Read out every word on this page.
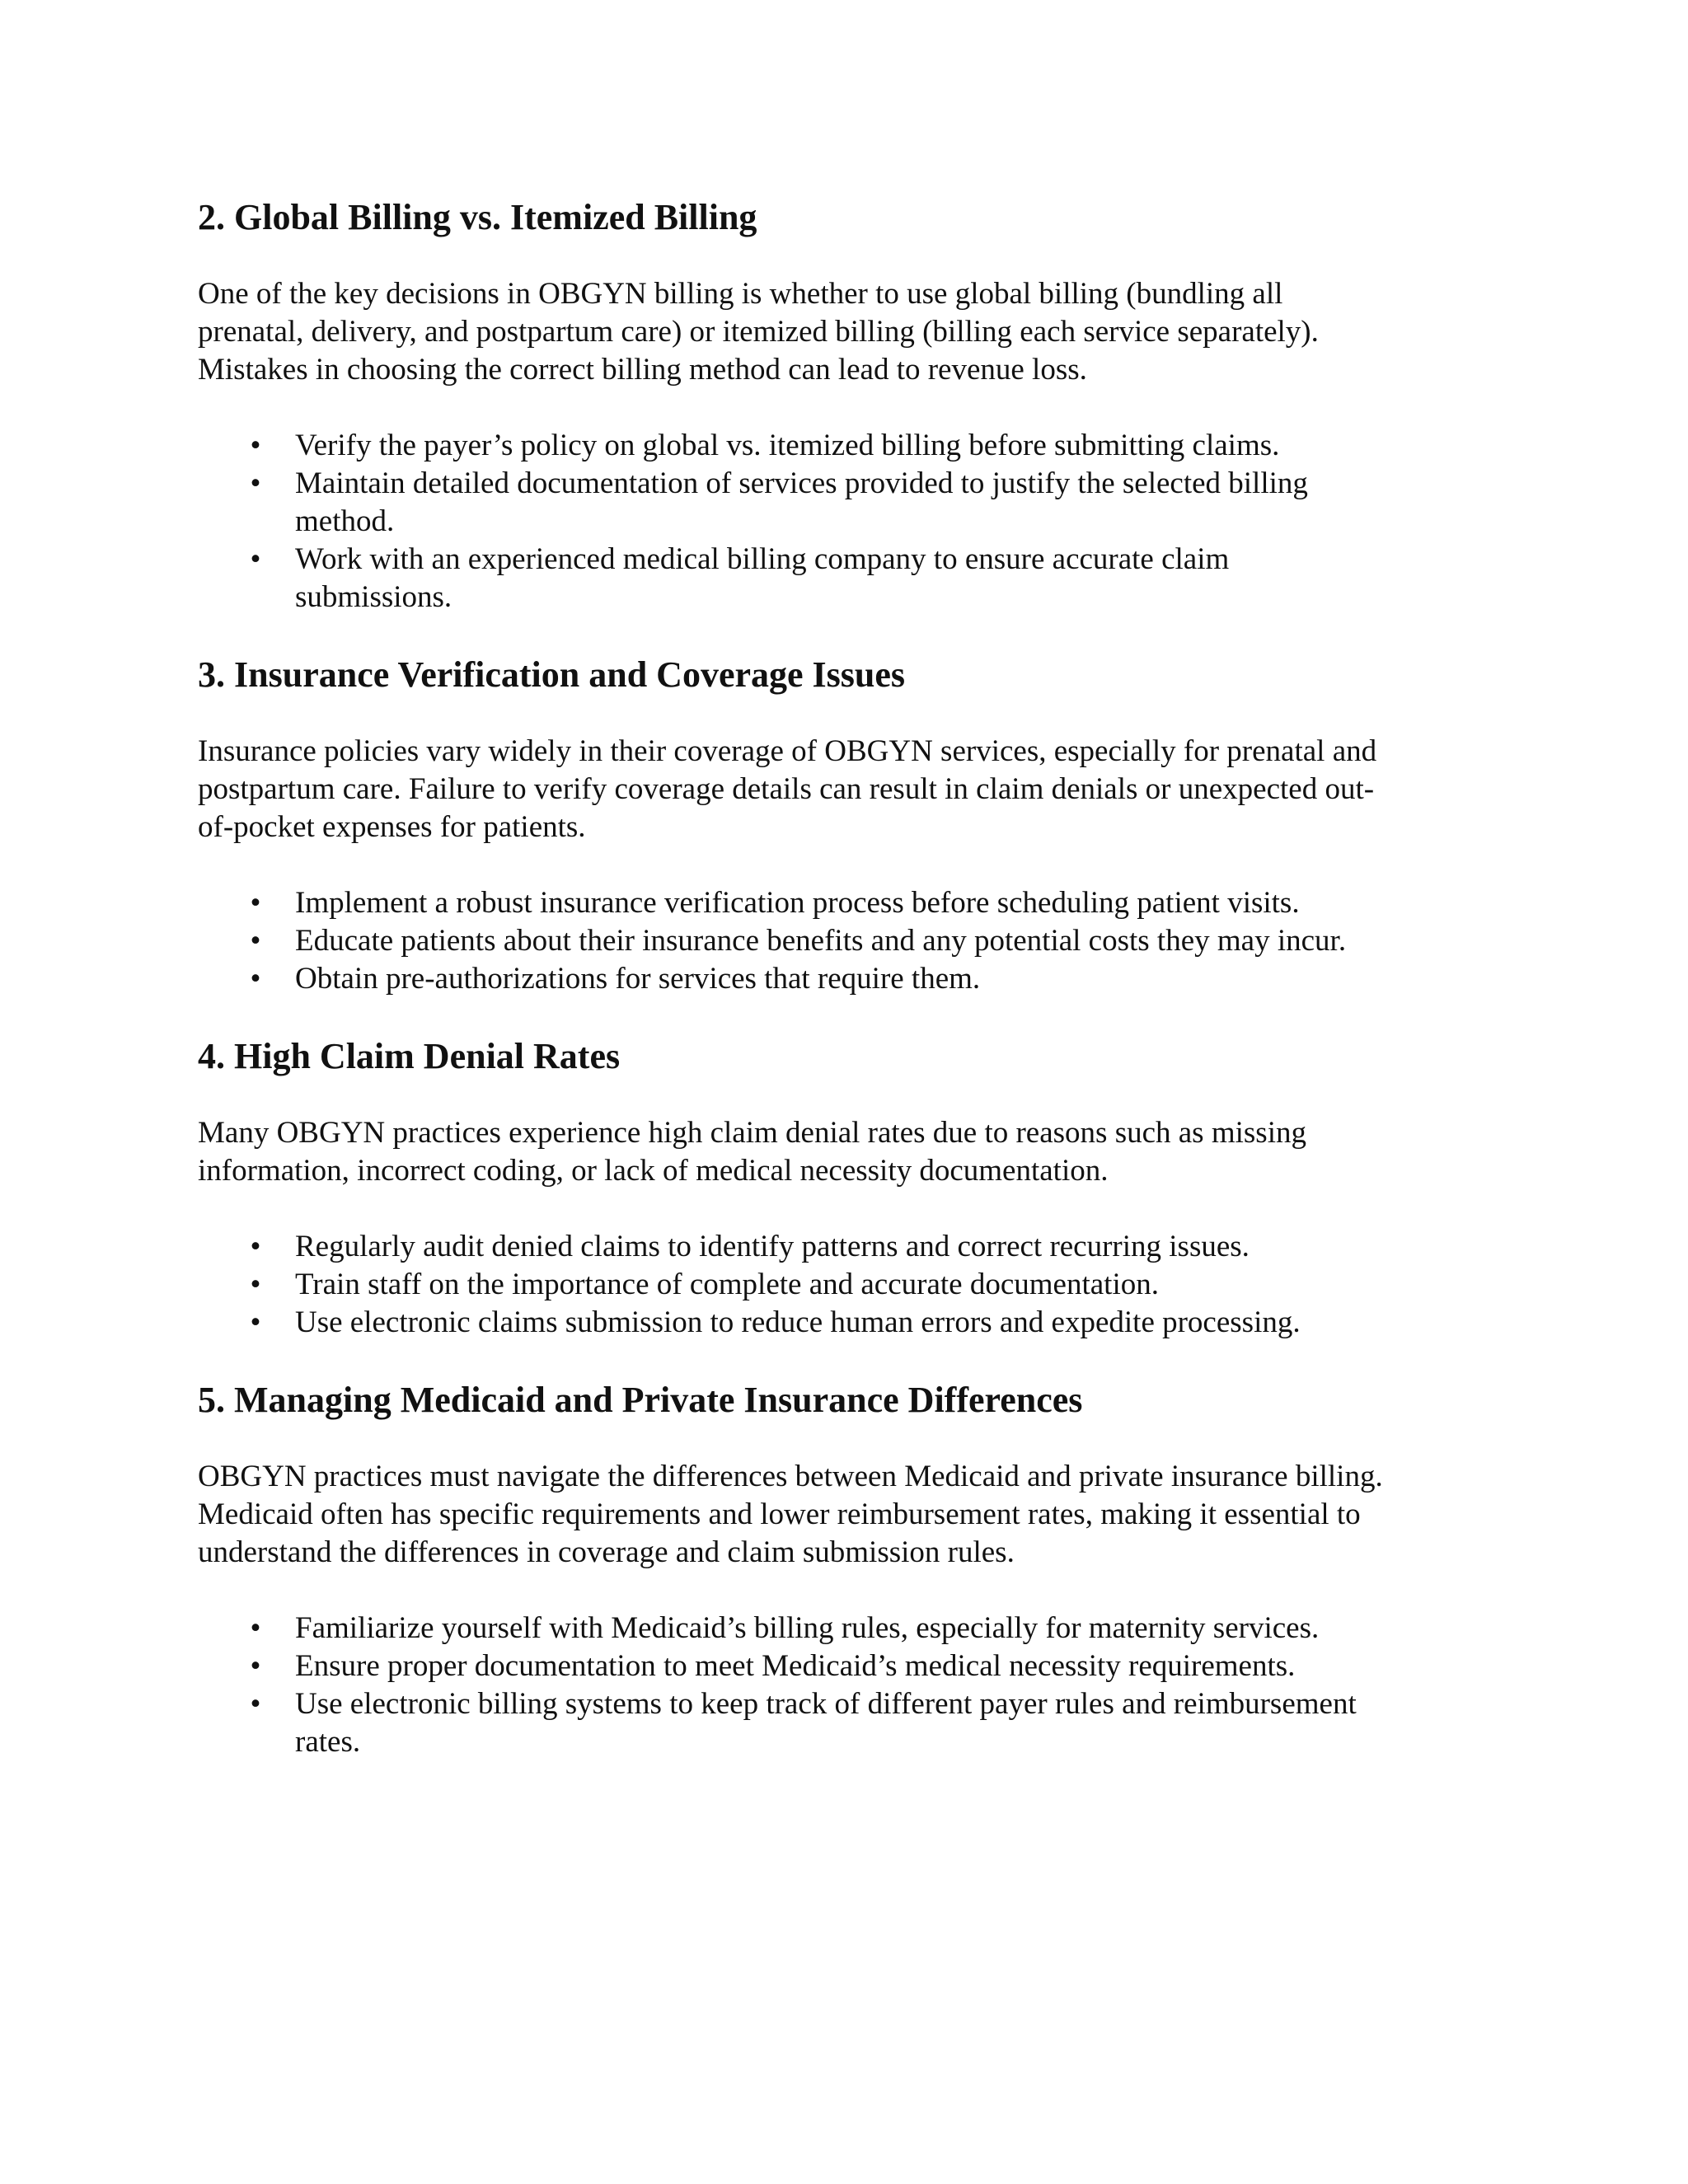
2. Global Billing vs. Itemized Billing

One of the key decisions in OBGYN billing is whether to use global billing (bundling all
prenatal, delivery, and postpartum care) or itemized billing (billing each service separately).
Mistakes in choosing the correct billing method can lead to revenue loss.

• Verify the payer’s policy on global vs. itemized billing before submitting claims.
• Maintain detailed documentation of services provided to justify the selected billing
method.
• Work with an experienced medical billing company to ensure accurate claim
submissions.
3. Insurance Verification and Coverage Issues

Insurance policies vary widely in their coverage of OBGYN services, especially for prenatal and
postpartum care. Failure to verify coverage details can result in claim denials or unexpected out-
of-pocket expenses for patients.

• Implement a robust insurance verification process before scheduling patient visits.
• Educate patients about their insurance benefits and any potential costs they may incur.
• Obtain pre-authorizations for services that require them.
4. High Claim Denial Rates

Many OBGYN practices experience high claim denial rates due to reasons such as missing
information, incorrect coding, or lack of medical necessity documentation.

• Regularly audit denied claims to identify patterns and correct recurring issues.
• Train staff on the importance of complete and accurate documentation.
• Use electronic claims submission to reduce human errors and expedite processing.
5. Managing Medicaid and Private Insurance Differences

OBGYN practices must navigate the differences between Medicaid and private insurance billing.
Medicaid often has specific requirements and lower reimbursement rates, making it essential to
understand the differences in coverage and claim submission rules.

• Familiarize yourself with Medicaid’s billing rules, especially for maternity services.
• Ensure proper documentation to meet Medicaid’s medical necessity requirements.
• Use electronic billing systems to keep track of different payer rules and reimbursement
rates.
